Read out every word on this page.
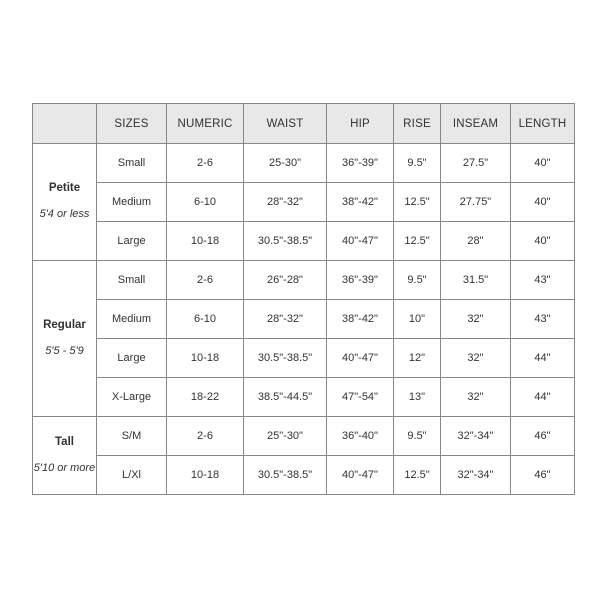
	SIZES	NUMERIC	WAIST	HIP	RISE	INSEAM	LENGTH

Petite
5'4 or less	Small	2-6	25-30"	36"-39"	9.5"	27.5"	40"
	Medium	6-10	28"-32"	38"-42"	12.5"	27.75"	40"
	Large	10-18	30.5"-38.5"	40"-47"	12.5"	28"	40"

Regular
5'5 - 5'9	Small	2-6	26"-28"	36"-39"	9.5"	31.5"	43"
	Medium	6-10	28"-32"	38"-42"	10"	32"	43"
	Large	10-18	30.5"-38.5"	40"-47"	12"	32"	44"
	X-Large	18-22	38.5"-44.5"	47"-54"	13"	32"	44"

Tall
5'10 or more	S/M	2-6	25"-30"	36"-40"	9.5"	32"-34"	46"
	L/Xl	10-18	30.5"-38.5"	40"-47"	12.5"	32"-34"	46"
